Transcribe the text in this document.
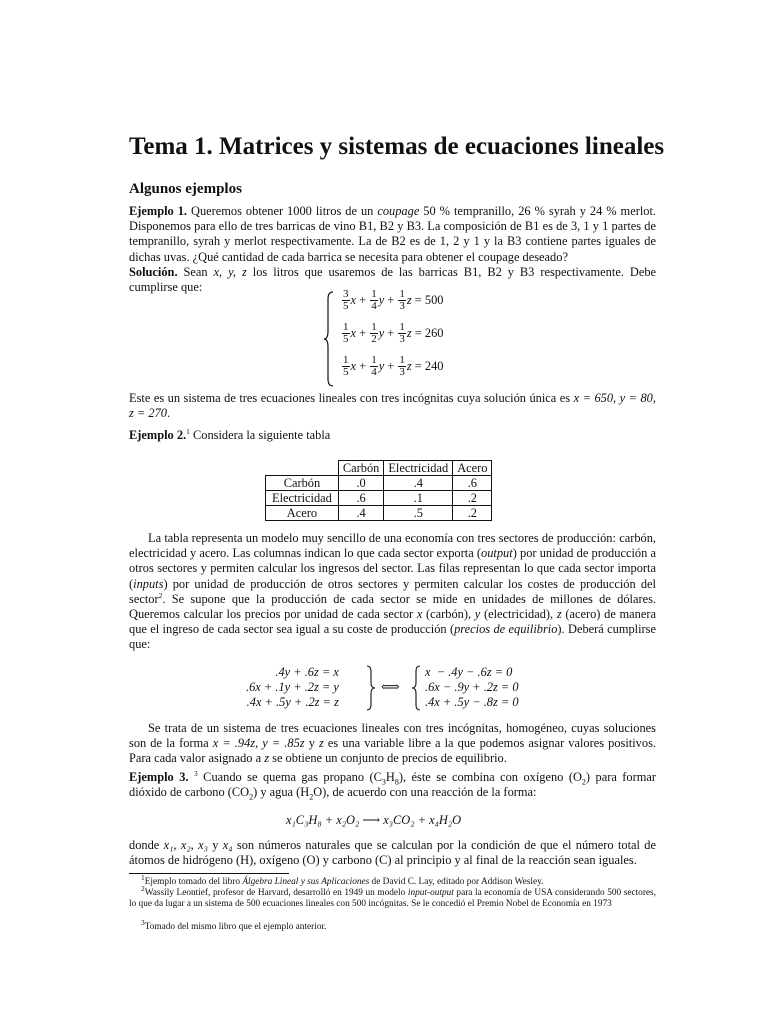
Tema 1. Matrices y sistemas de ecuaciones lineales
Algunos ejemplos

Ejemplo 1. Queremos obtener 1000 litros de un coupage 50 % tempranillo, 26 % syrah y 24 % merlot. Disponemos para ello de tres barricas de vino B1, B2 y B3. La composición de B1 es de 3, 1 y 1 partes de tempranillo, syrah y merlot respectivamente. La de B2 es de 1, 2 y 1 y la B3 contiene partes iguales de dichas uvas. ¿Qué cantidad de cada barrica se necesita para obtener el coupage deseado?

Solución. Sean x, y, z los litros que usaremos de las barricas B1, B2 y B3 respectivamente. Debe cumplirse que:

$\frac{3}{5}$ $x + \frac{1}{4}$ $y + \frac{1}{3}$ z = 500
$\frac{1}{5}$ $x + \frac{1}{2}$ $y + \frac{1}{3}$ z = 260
$\frac{1}{5}$ $x + \frac{1}{4}$ $y + \frac{1}{3}$ z = 240

Este es un sistema de tres ecuaciones lineales con tres incógnitas cuya solución única es x = 650, y = 80, z = 270.

Ejemplo 2.$^1$ Considera la siguiente tabla

	Carbón	Electricidad	Acero
Carbón	.0	.4	.6
Electricidad	.6	.1	.2
Acero	.4	.5	.2

La tabla representa un modelo muy sencillo de una economía con tres sectores de producción: carbón, electricidad y acero. Las columnas indican lo que cada sector exporta (output) por unidad de producción a otros sectores y permiten calcular los ingresos del sector. Las filas representan lo que cada sector importa (inputs) por unidad de producción de otros sectores y permiten calcular los costes de producción del sector$^2$. Se supone que la producción de cada sector se mide en unidades de millones de dólares. Queremos calcular los precios por unidad de cada sector x (carbón), y (electricidad), z (acero) de manera que el ingreso de cada sector sea igual a su coste de producción (precios de equilibrio). Deberá cumplirse que:

.4y + .6z = x
.6x + .1y + .2z = y
.4x + .5y + .2z = z
⟺
x  − .4y − .6z = 0
.6x − .9y + .2z = 0
.4x + .5y − .8z = 0

Se trata de un sistema de tres ecuaciones lineales con tres incógnitas, homogéneo, cuyas soluciones son de la forma x = .94z, y = .85z y z es una variable libre a la que podemos asignar valores positivos. Para cada valor asignado a z se obtiene un conjunto de precios de equilibrio.

Ejemplo 3. $^3$ Cuando se quema gas propano $(C_3H_8)$, éste se combina con oxígeno $(O_2)$ para formar dióxido de carbono $(CO_2)$ y agua $(H_2O)$, de acuerdo con una reacción de la forma:

x₁C₃H₈ + x₂O₂ ⟶ x₃CO₂ + x₄H₂O

donde x₁, x₂, x₃ y x₄ son números naturales que se calculan por la condición de que el número total de átomos de hidrógeno (H), oxígeno (O) y carbono (C) al principio y al final de la reacción sean iguales.

$^1$Ejemplo tomado del libro Álgebra Lineal y sus Aplicaciones de David C. Lay, editado por Addison Wesley.

$^2$Wassily Leontief, profesor de Harvard, desarrolló en 1949 un modelo input-output para la economía de USA considerando 500 sectores, lo que da lugar a un sistema de 500 ecuaciones lineales con 500 incógnitas. Se le concedió el Premio Nobel de Economía en 1973

$^3$Tomado del mismo libro que el ejemplo anterior.
